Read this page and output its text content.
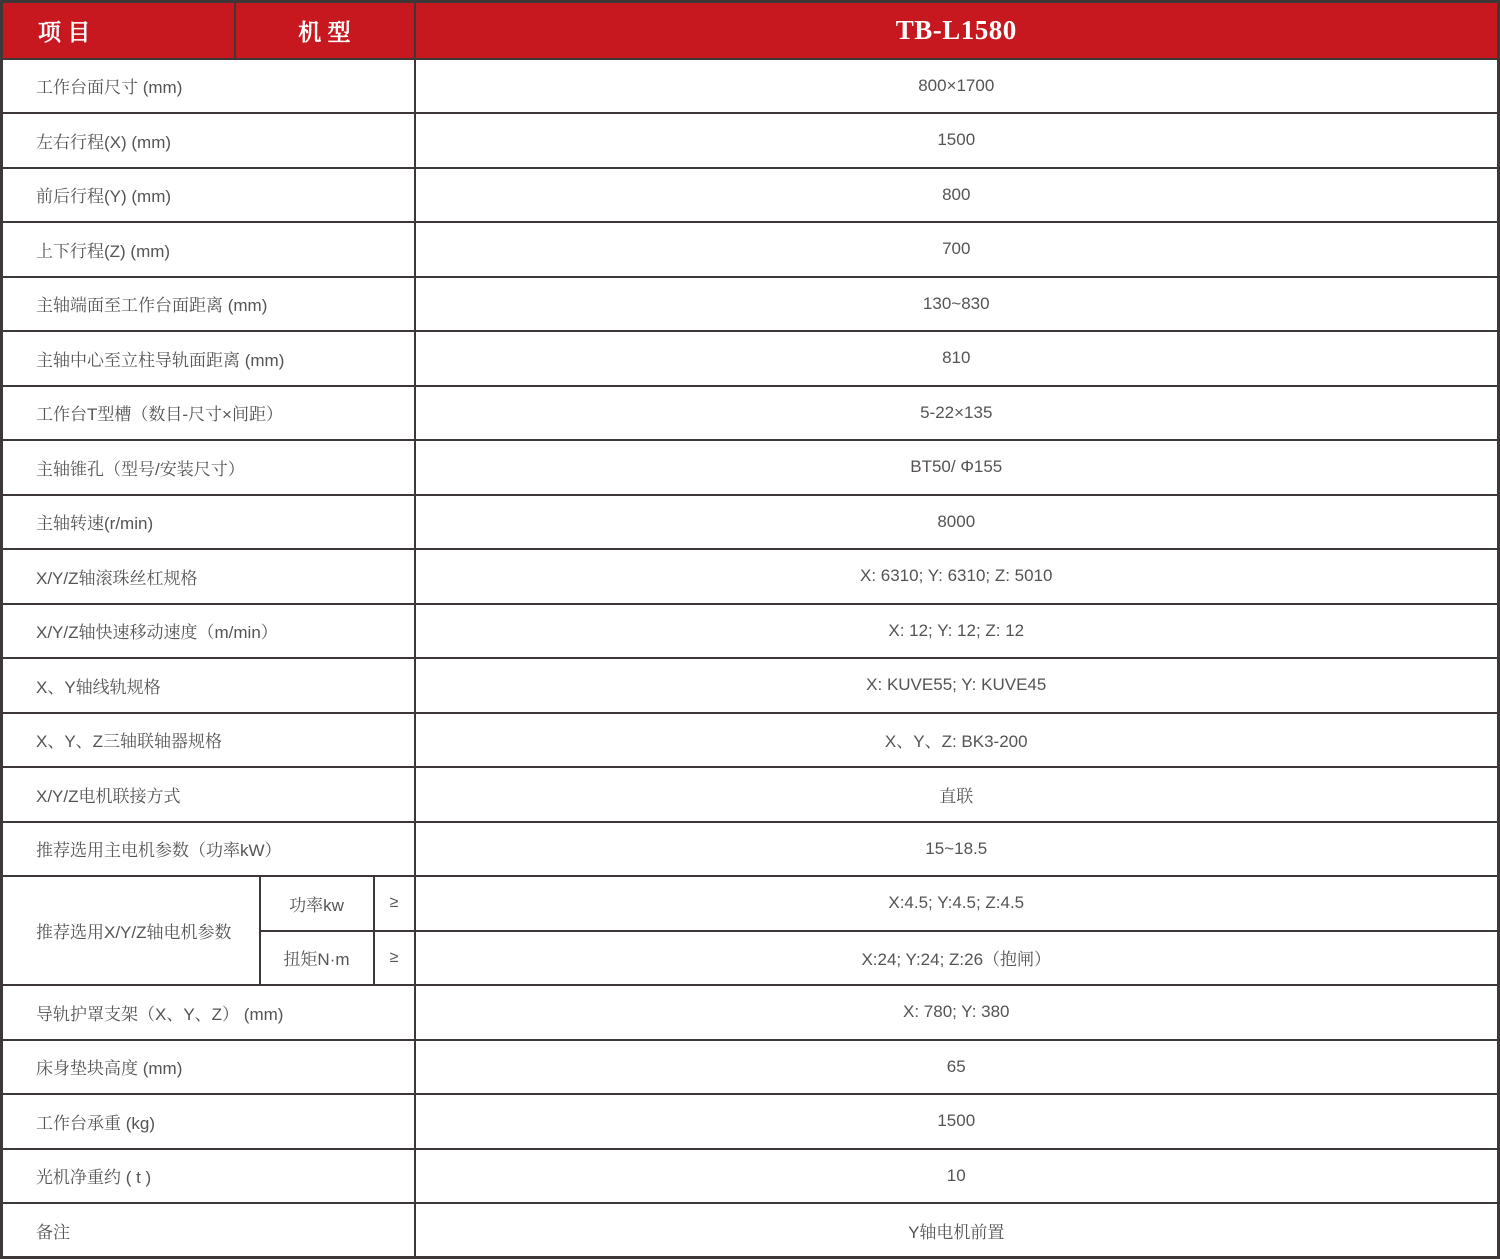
项 目	机 型			TB-L1580
工作台面尺寸 (mm)				800×1700
左右行程(X) (mm)				1500
前后行程(Y) (mm)				800
上下行程(Z) (mm)				700
主轴端面至工作台面距离 (mm)				130~830
主轴中心至立柱导轨面距离 (mm)				810
工作台T型槽（数目-尺寸×间距）				5-22×135
主轴锥孔（型号/安装尺寸）				BT50/ Φ155
主轴转速(r/min)				8000
X/Y/Z轴滚珠丝杠规格				X: 6310; Y: 6310; Z: 5010
X/Y/Z轴快速移动速度（m/min）				X: 12; Y: 12; Z: 12
X、Y轴线轨规格				X: KUVE55; Y: KUVE45
X、Y、Z三轴联轴器规格				X、Y、Z: BK3-200
X/Y/Z电机联接方式				直联
推荐选用主电机参数（功率kW）				15~18.5
推荐选用X/Y/Z轴电机参数		功率kw	≥	X:4.5; Y:4.5; Z:4.5
		扭矩N·m	≥	X:24; Y:24; Z:26（抱闸）
导轨护罩支架（X、Y、Z） (mm)				X: 780; Y: 380
床身垫块高度 (mm)				65
工作台承重 (kg)				1500
光机净重约 ( t )				10
备注				Y轴电机前置
